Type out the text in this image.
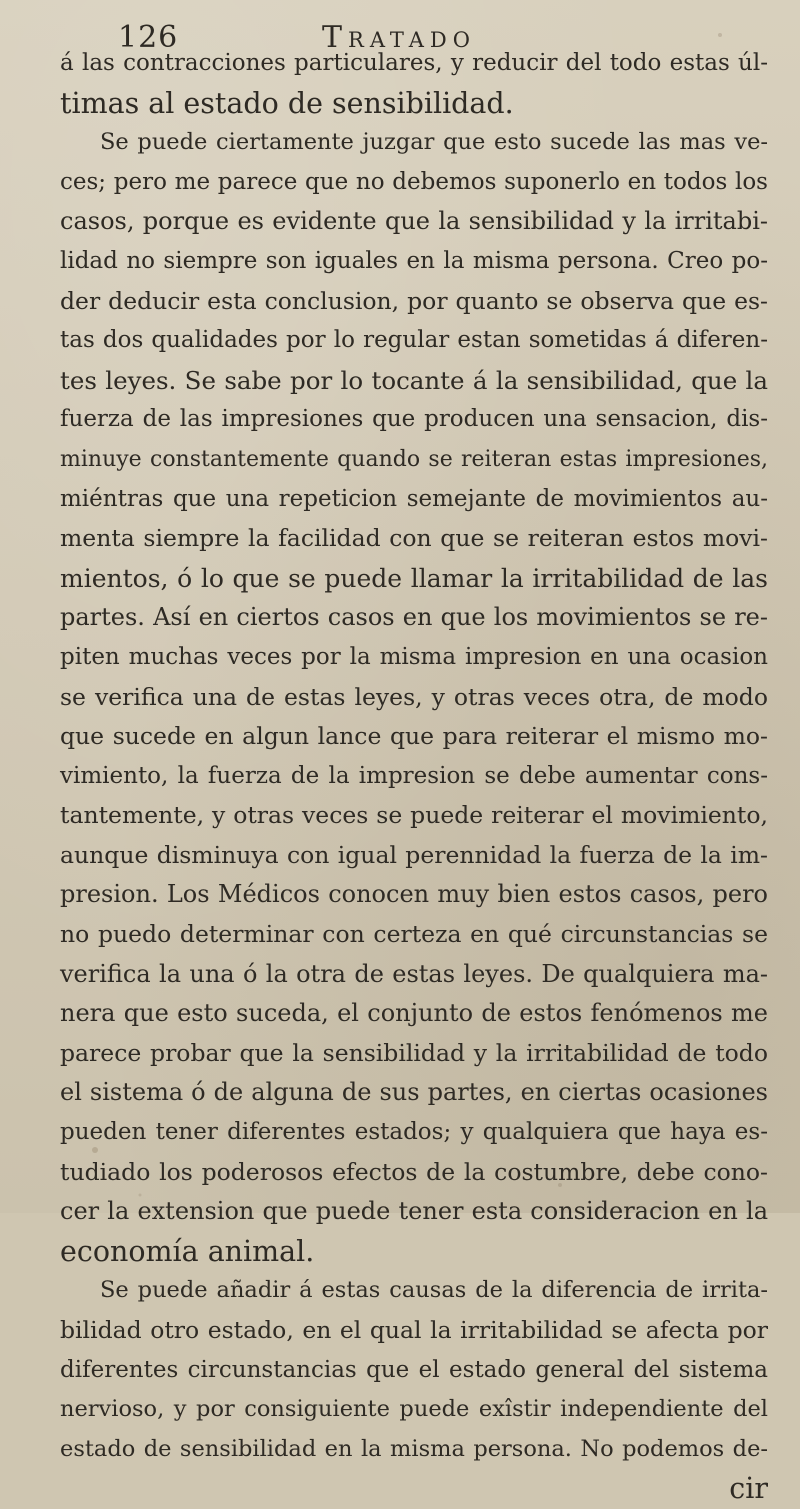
126	Tratado
á las contracciones particulares, y reducir del todo estas úl-
timas al estado de sensibilidad.
Se puede ciertamente juzgar que esto sucede las mas ve-
ces; pero me parece que no debemos suponerlo en todos los
casos, porque es evidente que la sensibilidad y la irritabi-
lidad no siempre son iguales en la misma persona. Creo po-
der deducir esta conclusion, por quanto se observa que es-
tas dos qualidades por lo regular estan sometidas á diferen-
tes leyes. Se sabe por lo tocante á la sensibilidad, que la
fuerza de las impresiones que producen una sensacion, dis-
minuye constantemente quando se reiteran estas impresiones,
miéntras que una repeticion semejante de movimientos au-
menta siempre la facilidad con que se reiteran estos movi-
mientos, ó lo que se puede llamar la irritabilidad de las
partes. Así en ciertos casos en que los movimientos se re-
piten muchas veces por la misma impresion en una ocasion
se verifica una de estas leyes, y otras veces otra, de modo
que sucede en algun lance que para reiterar el mismo mo-
vimiento, la fuerza de la impresion se debe aumentar cons-
tantemente, y otras veces se puede reiterar el movimiento,
aunque disminuya con igual perennidad la fuerza de la im-
presion. Los Médicos conocen muy bien estos casos, pero
no puedo determinar con certeza en qué circunstancias se
verifica la una ó la otra de estas leyes. De qualquiera ma-
nera que esto suceda, el conjunto de estos fenómenos me
parece probar que la sensibilidad y la irritabilidad de todo
el sistema ó de alguna de sus partes, en ciertas ocasiones
pueden tener diferentes estados; y qualquiera que haya es-
tudiado los poderosos efectos de la costumbre, debe cono-
cer la extension que puede tener esta consideracion en la
economía animal.
Se puede añadir á estas causas de la diferencia de irrita-
bilidad otro estado, en el qual la irritabilidad se afecta por
diferentes circunstancias que el estado general del sistema
nervioso, y por consiguiente puede exîstir independiente del
estado de sensibilidad en la misma persona. No podemos de-
cir
